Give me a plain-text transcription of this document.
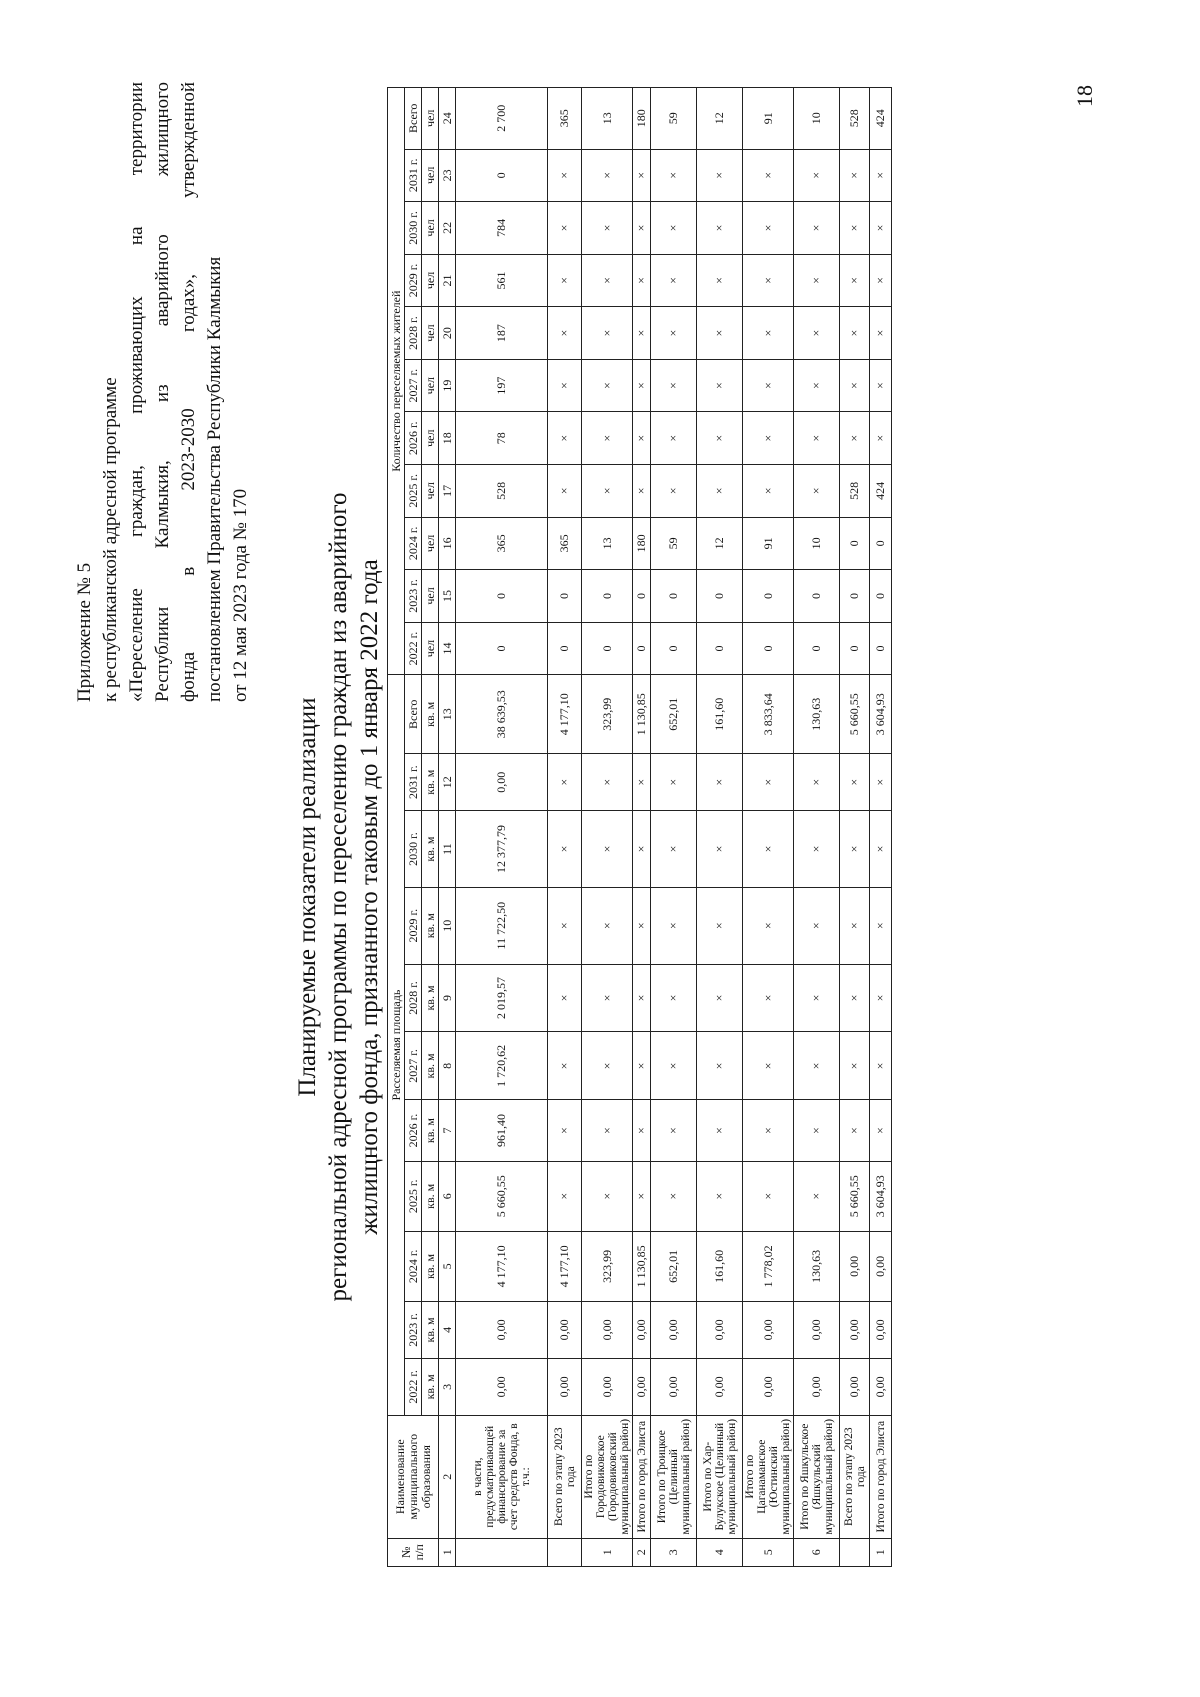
Приложение № 5 к республиканской адресной программе «Переселение граждан, проживающих на территории Республики Калмыкия, из аварийного жилищного фонда в 2023-2030 годах», утвержденной постановлением Правительства Республики Калмыкия от 12 мая 2023 года № 170
Планируемые показатели реализации региональной адресной программы по переселению граждан из аварийного жилищного фонда, признанного таковым до 1 января 2022 года
18
№ п/п	Наименование муниципального образования	Расселяемая площадь											Количество переселяемых жителей										
		2022 г.	2023 г.	2024 г.	2025 г.	2026 г.	2027 г.	2028 г.	2029 г.	2030 г.	2031 г.	Всего	2022 г.	2023 г.	2024 г.	2025 г.	2026 г.	2027 г.	2028 г.	2029 г.	2030 г.	2031 г.	Всего
		кв. м	кв. м	кв. м	кв. м	кв. м	кв. м	кв. м	кв. м	кв. м	кв. м	кв. м	чел	чел	чел	чел	чел	чел	чел	чел	чел	чел	чел
1	2	3	4	5	6	7	8	9	10	11	12	13	14	15	16	17	18	19	20	21	22	23	24
	в части, предусматривающей финансирование за счет средств Фонда, в т.ч.:	0,00	0,00	4 177,10	5 660,55	961,40	1 720,62	2 019,57	11 722,50	12 377,79	0,00	38 639,53	0	0	365	528	78	197	187	561	784	0	2 700
	Всего по этапу 2023 года	0,00	0,00	4 177,10	×	×	×	×	×	×	×	4 177,10	0	0	365	×	×	×	×	×	×	×	365
1	Итого по Городовиковское (Городовиковский муниципальный район)	0,00	0,00	323,99	×	×	×	×	×	×	×	323,99	0	0	13	×	×	×	×	×	×	×	13
2	Итого по город Элиста	0,00	0,00	1 130,85	×	×	×	×	×	×	×	1 130,85	0	0	180	×	×	×	×	×	×	×	180
3	Итого по Троицкое (Целинный муниципальный район)	0,00	0,00	652,01	×	×	×	×	×	×	×	652,01	0	0	59	×	×	×	×	×	×	×	59
4	Итого по Хар-Булукское (Целинный муниципальный район)	0,00	0,00	161,60	×	×	×	×	×	×	×	161,60	0	0	12	×	×	×	×	×	×	×	12
5	Итого по Цаганаманское (Юстинский муниципальный район)	0,00	0,00	1 778,02	×	×	×	×	×	×	×	3 833,64	0	0	91	×	×	×	×	×	×	×	91
6	Итого по Яшкульское (Яшкульский муниципальный район)	0,00	0,00	130,63	×	×	×	×	×	×	×	130,63	0	0	10	×	×	×	×	×	×	×	10
	Всего по этапу 2023 года	0,00	0,00	0,00	5 660,55	×	×	×	×	×	×	5 660,55	0	0	0	528	×	×	×	×	×	×	528
1	Итого по город Элиста	0,00	0,00	0,00	3 604,93	×	×	×	×	×	×	3 604,93	0	0	0	424	×	×	×	×	×	×	424
